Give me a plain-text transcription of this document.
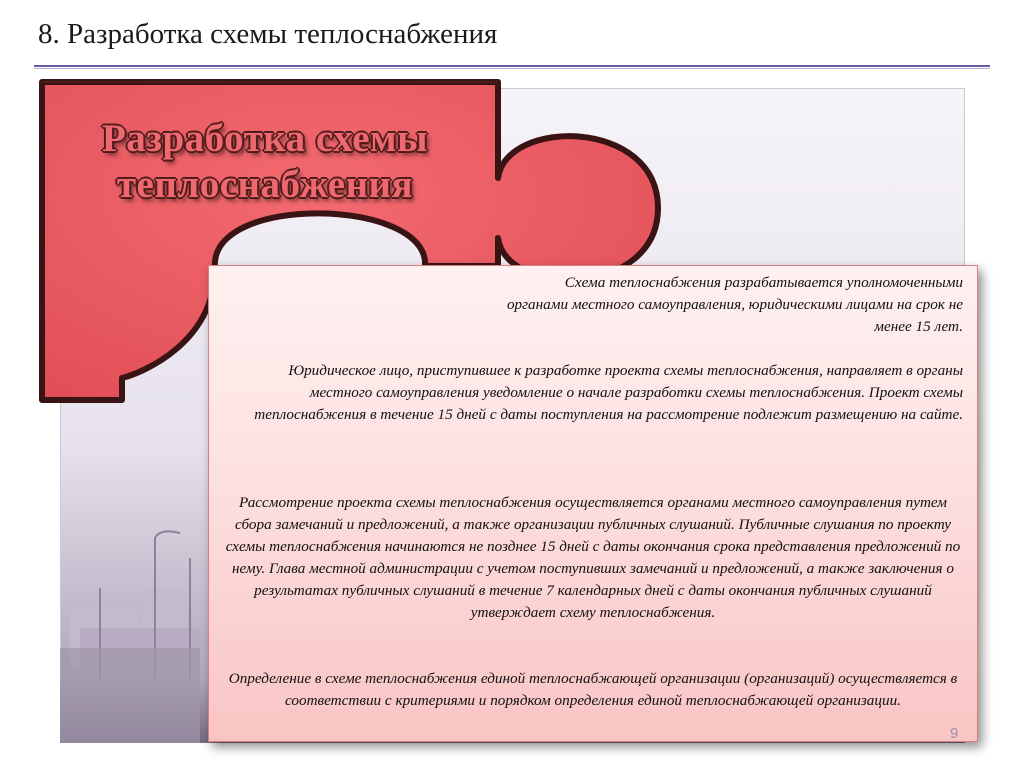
8. Разработка схемы теплоснабжения
Разработка схемы
теплоснабжения

Схема теплоснабжения разрабатывается уполномоченными органами местного самоуправления, юридическими лицами на срок не менее 15 лет.

Юридическое лицо, приступившее к разработке проекта схемы теплоснабжения, направляет в органы местного самоуправления уведомление о начале разработки схемы теплоснабжения. Проект схемы теплоснабжения в течение 15 дней с даты поступления на рассмотрение подлежит размещению на сайте.

Рассмотрение проекта схемы теплоснабжения осуществляется органами местного самоуправления путем сбора замечаний и предложений, а также организации публичных слушаний. Публичные слушания по проекту схемы теплоснабжения начинаются не позднее 15 дней с даты окончания срока представления предложений по нему. Глава местной администрации с учетом поступивших замечаний и предложений, а также заключения о результатах публичных слушаний в течение 7 календарных дней с даты окончания публичных слушаний утверждает схему теплоснабжения.

Определение в схеме теплоснабжения единой теплоснабжающей организации (организаций) осуществляется в соответствии с критериями и порядком определения единой теплоснабжающей организации.

9
